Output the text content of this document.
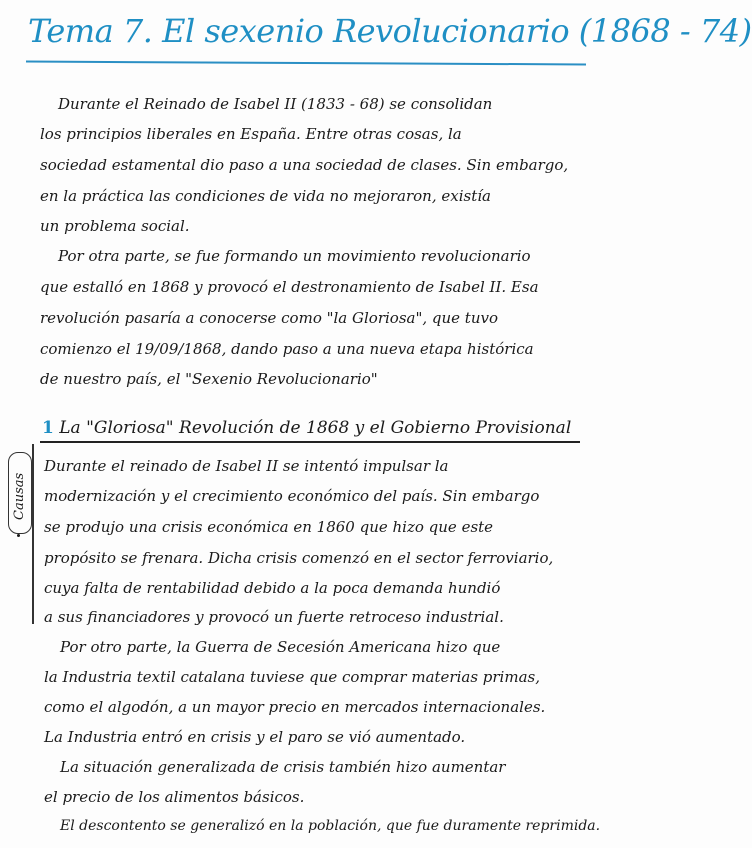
Tema 7. El sexenio Revolucionario (1868 - 74)
Durante el Reinado de Isabel II (1833 - 68) se consolidan
los principios liberales en España. Entre otras cosas, la
sociedad estamental dio paso a una sociedad de clases. Sin embargo,
en la práctica las condiciones de vida no mejoraron, existía
un problema social.
Por otra parte, se fue formando un movimiento revolucionario
que estalló en 1868 y provocó el destronamiento de Isabel II. Esa
revolución pasaría a conocerse como "la Gloriosa", que tuvo
comienzo el 19/09/1868, dando paso a una nueva etapa histórica
de nuestro país, el "Sexenio Revolucionario"
1 La "Gloriosa" Revolución de 1868 y el Gobierno Provisional
Causas
Durante el reinado de Isabel II se intentó impulsar la
modernización y el crecimiento económico del país. Sin embargo
se produjo una crisis económica en 1860 que hizo que este
propósito se frenara. Dicha crisis comenzó en el sector ferroviario,
cuya falta de rentabilidad debido a la poca demanda hundió
a sus financiadores y provocó un fuerte retroceso industrial.
Por otro parte, la Guerra de Secesión Americana hizo que
la Industria textil catalana tuviese que comprar materias primas,
como el algodón, a un mayor precio en mercados internacionales.
La Industria entró en crisis y el paro se vió aumentado.
La situación generalizada de crisis también hizo aumentar
el precio de los alimentos básicos.
El descontento se generalizó en la población, que fue duramente reprimida.
